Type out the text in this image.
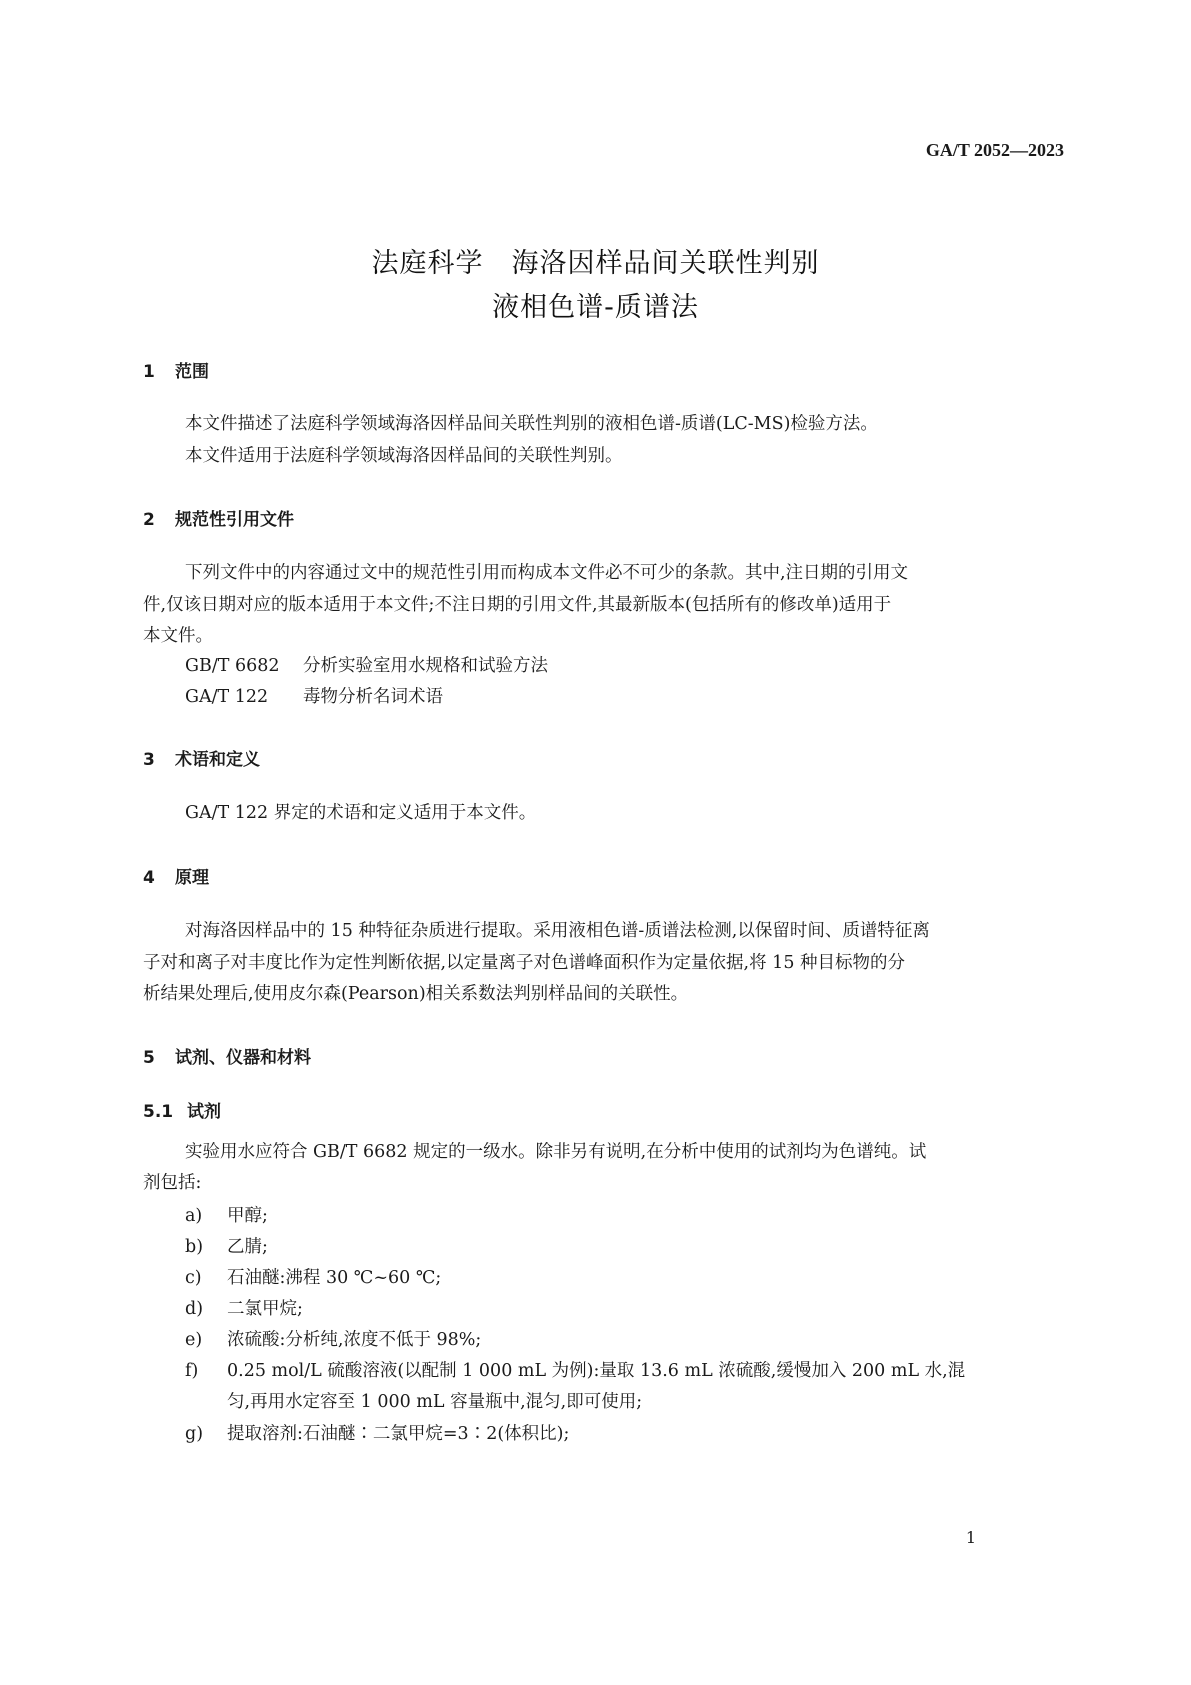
GA/T 2052—2023
法庭科学　海洛因样品间关联性判别
液相色谱-质谱法
1 范围
本文件描述了法庭科学领域海洛因样品间关联性判别的液相色谱-质谱(LC-MS)检验方法。
本文件适用于法庭科学领域海洛因样品间的关联性判别。
2 规范性引用文件
下列文件中的内容通过文中的规范性引用而构成本文件必不可少的条款。其中,注日期的引用文
件,仅该日期对应的版本适用于本文件;不注日期的引用文件,其最新版本(包括所有的修改单)适用于
本文件。
GB/T 6682 分析实验室用水规格和试验方法
GA/T 122 毒物分析名词术语
3 术语和定义
GA/T 122 界定的术语和定义适用于本文件。
4 原理
对海洛因样品中的 15 种特征杂质进行提取。采用液相色谱-质谱法检测,以保留时间、质谱特征离
子对和离子对丰度比作为定性判断依据,以定量离子对色谱峰面积作为定量依据,将 15 种目标物的分
析结果处理后,使用皮尔森(Pearson)相关系数法判别样品间的关联性。
5 试剂、仪器和材料
5.1 试剂
实验用水应符合 GB/T 6682 规定的一级水。除非另有说明,在分析中使用的试剂均为色谱纯。试
剂包括:
a) 甲醇;
b) 乙腈;
c) 石油醚:沸程 30 ℃~60 ℃;
d) 二氯甲烷;
e) 浓硫酸:分析纯,浓度不低于 98%;
f) 0.25 mol/L 硫酸溶液(以配制 1 000 mL 为例):量取 13.6 mL 浓硫酸,缓慢加入 200 mL 水,混
匀,再用水定容至 1 000 mL 容量瓶中,混匀,即可使用;
g) 提取溶剂:石油醚∶二氯甲烷=3∶2(体积比);
1
